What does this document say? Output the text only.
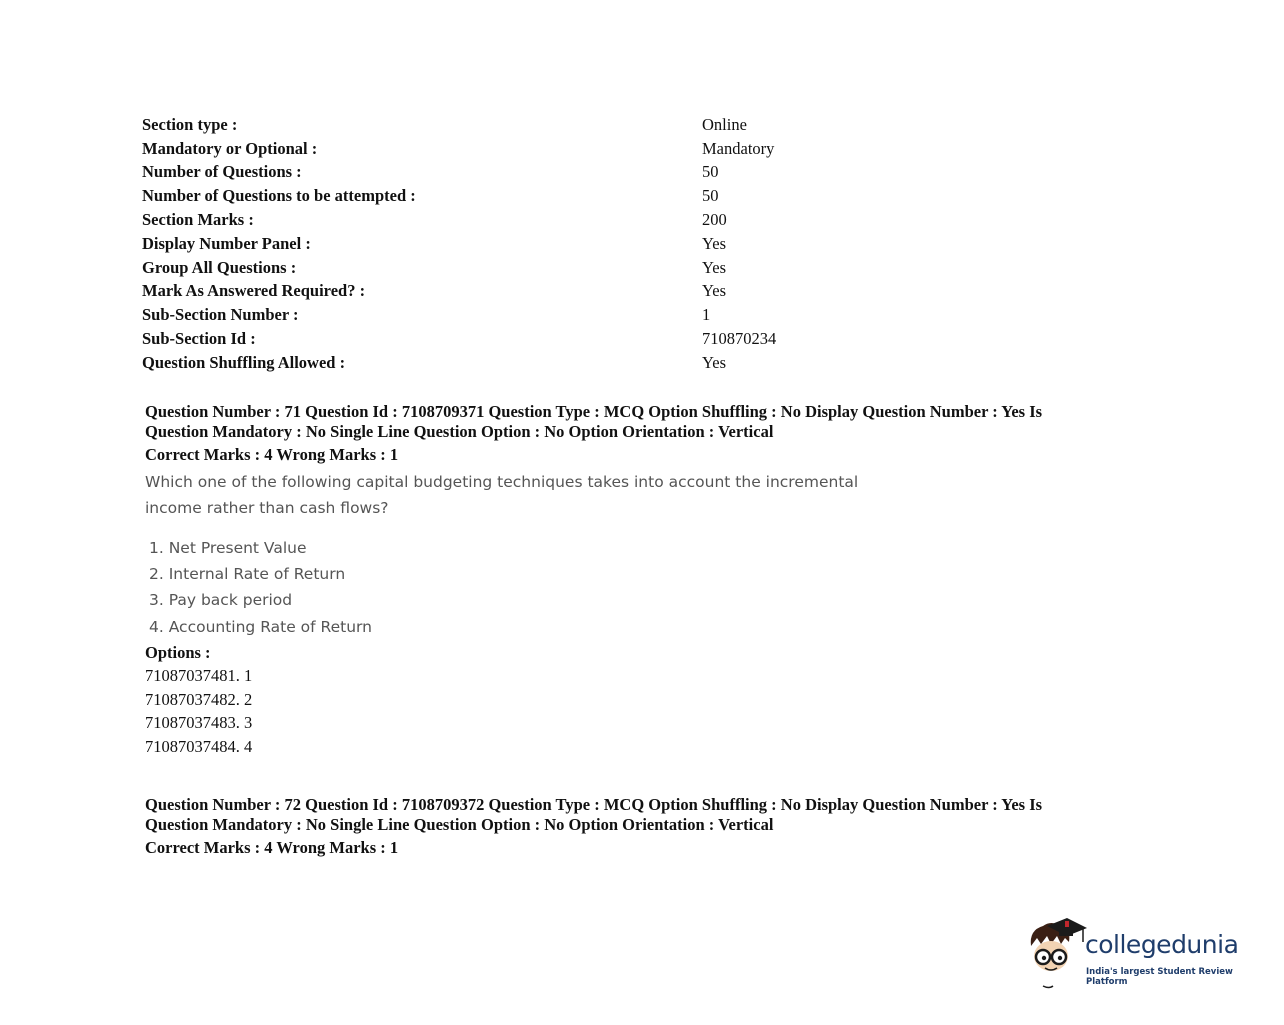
Section type :	Online
Mandatory or Optional :	Mandatory
Number of Questions :	50
Number of Questions to be attempted :	50
Section Marks :	200
Display Number Panel :	Yes
Group All Questions :	Yes
Mark As Answered Required? :	Yes
Sub-Section Number :	1
Sub-Section Id :	710870234
Question Shuffling Allowed :	Yes
Question Number : 71 Question Id : 7108709371 Question Type : MCQ Option Shuffling : No Display Question Number : Yes Is
Question Mandatory : No Single Line Question Option : No Option Orientation : Vertical
Correct Marks : 4 Wrong Marks : 1
Which one of the following capital budgeting techniques takes into account the incremental
income rather than cash flows?
1. Net Present Value
2. Internal Rate of Return
3. Pay back period
4. Accounting Rate of Return
Options :
71087037481. 1
71087037482. 2
71087037483. 3
71087037484. 4
Question Number : 72 Question Id : 7108709372 Question Type : MCQ Option Shuffling : No Display Question Number : Yes Is
Question Mandatory : No Single Line Question Option : No Option Orientation : Vertical
Correct Marks : 4 Wrong Marks : 1
collegedunia
India's largest Student Review Platform
